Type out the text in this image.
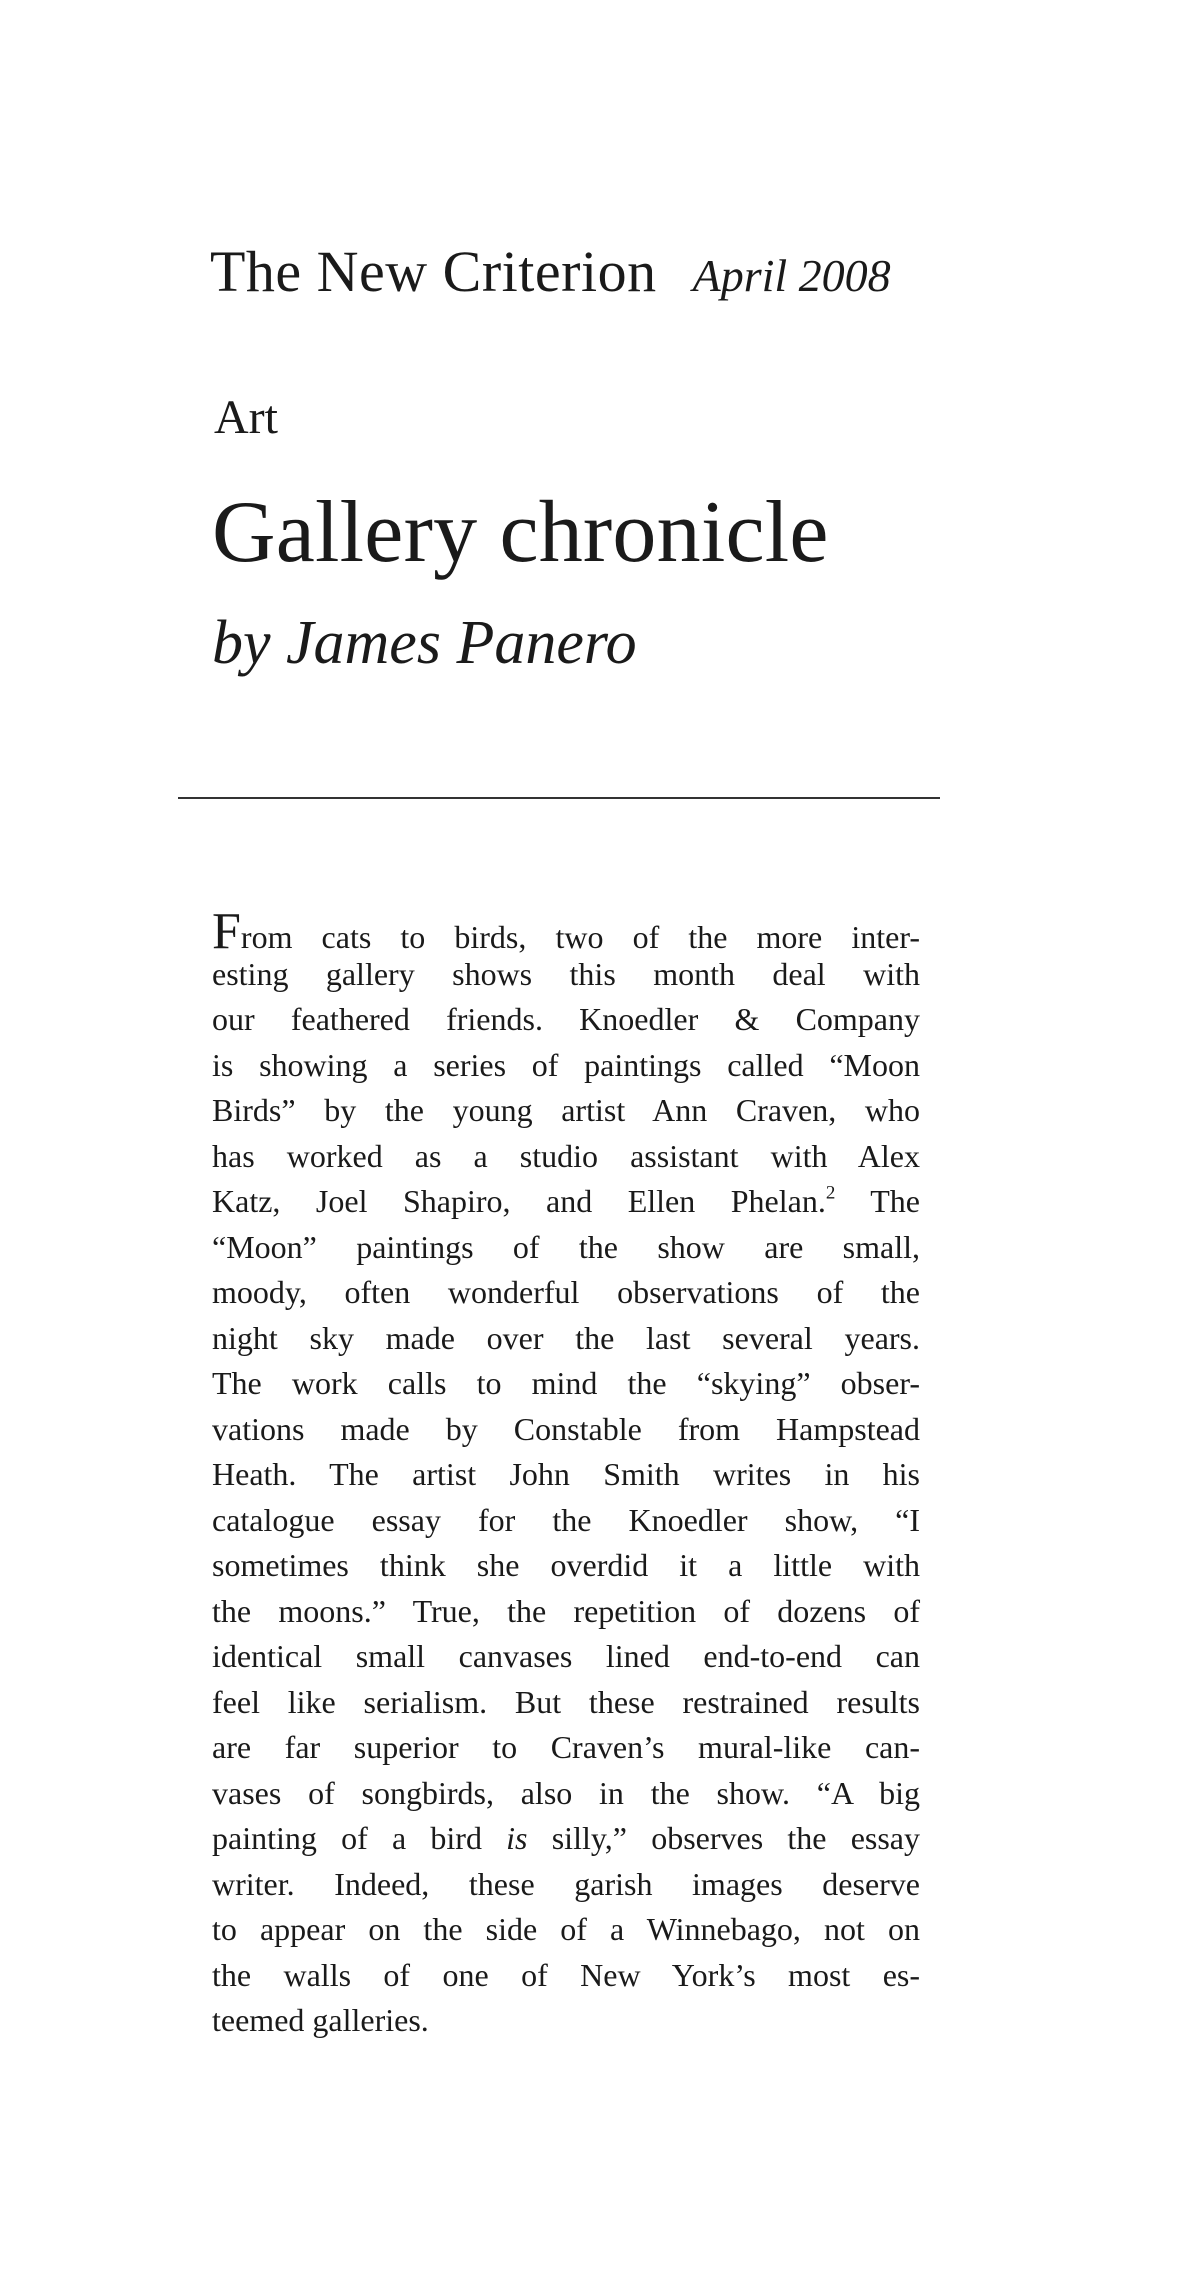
The New Criterion April 2008
Art
Gallery chronicle
by James Panero
From cats to birds, two of the more inter-
esting gallery shows this month deal with
our feathered friends. Knoedler & Company
is showing a series of paintings called “Moon
Birds” by the young artist Ann Craven, who
has worked as a studio assistant with Alex
Katz, Joel Shapiro, and Ellen Phelan.$^2$ The
“Moon” paintings of the show are small,
moody, often wonderful observations of the
night sky made over the last several years.
The work calls to mind the “skying” obser-
vations made by Constable from Hampstead
Heath. The artist John Smith writes in his
catalogue essay for the Knoedler show, “I
sometimes think she overdid it a little with
the moons.” True, the repetition of dozens of
identical small canvases lined end-to-end can
feel like serialism. But these restrained results
are far superior to Craven’s mural-like can-
vases of songbirds, also in the show. “A big
painting of a bird is silly,” observes the essay
writer. Indeed, these garish images deserve
to appear on the side of a Winnebago, not on
the walls of one of New York’s most es-
teemed galleries.
